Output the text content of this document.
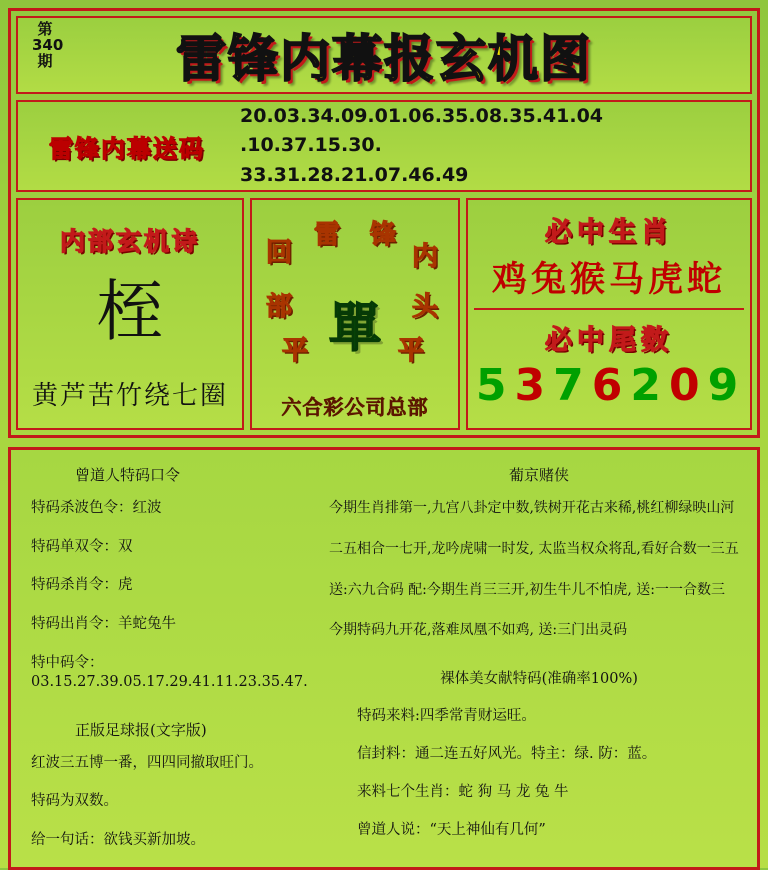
第340期 雷锋内幕报玄机图
雷锋内幕送码
20.03.34.09.01.06.35.08.35.41.04 .10.37.15.30.
33.31.28.21.07.46.49
内部玄机诗
桎
黄芦苦竹绕七圈
回
雷 锋
内
部	头
平	平
單
六合彩公司总部
必中生肖
鸡兔猴马虎蛇
必中尾数
5376209
曾道人特码口令
特码杀波色令：红波
特码单双令：双
特码杀肖令：虎
特码出肖令：羊蛇兔牛
特中码令： 03.15.27.39.05.17.29.41.11.23.35.47.
正版足球报(文字版)
红波三五博一番，四四同撤取旺门。
特码为双数。
给一句话：欲钱买新加坡。
葡京赌侠
今期生肖排第一,九宫八卦定中数,铁树开花古来稀,桃红柳绿映山河
二五相合一七开,龙吟虎啸一时发, 太监当权众将乱,看好合数一三五
送:六九合码 配:今期生肖三三开,初生牛儿不怕虎, 送:一一合数三
今期特码九开花,落难凤凰不如鸡, 送:三门出灵码
裸体美女献特码(准确率100%)
特码来料:四季常青财运旺。
信封料：通二连五好风光。特主：绿. 防：蓝。
来料七个生肖：蛇 狗 马 龙 兔 牛
曾道人说：“天上神仙有几何”
